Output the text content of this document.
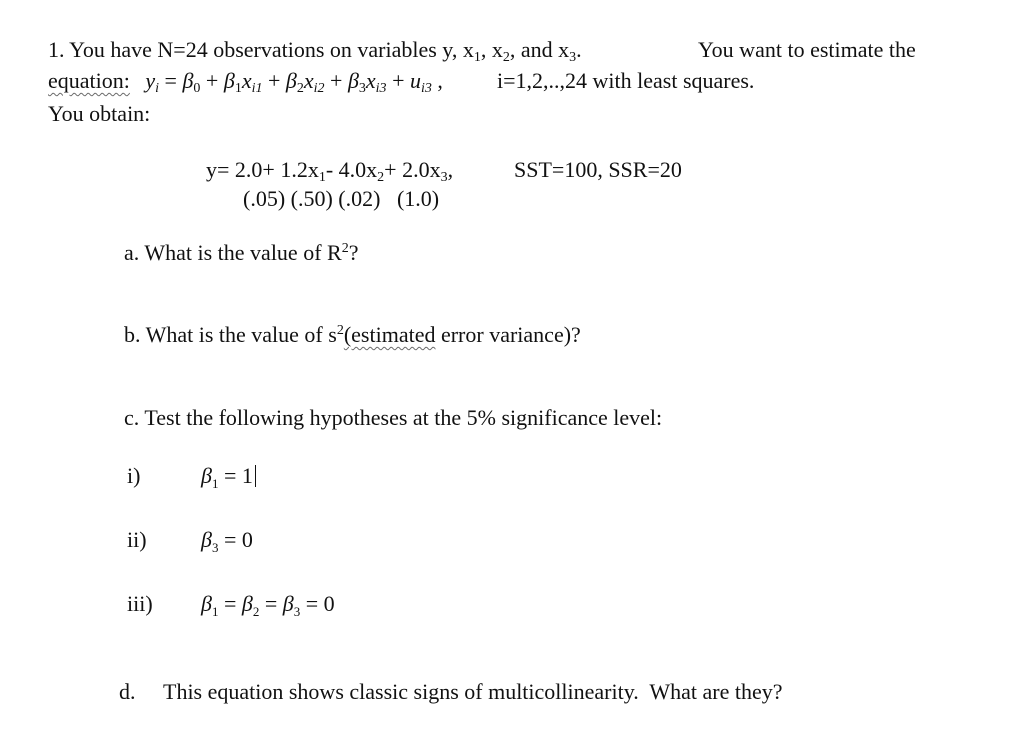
1. You have N=24 observations on variables y, $x_1$, $x_2$, and $x_3$.	You want to estimate the
equation: $y_i = \beta_0 + \beta_1x_{i1} + \beta_2x_{i2} + \beta_3x_{i3} + u_{i3}$ , i=1,2,..,24 with least squares.
You obtain:
$y= 2.0+ 1.2x_1-$ $4.0x_2+ 2.0x_3$,	SST=100, SSR=20
(.05) (.50) (.02)   (1.0)
a. What is the value of $R^2$?
b. What is the value of $s^2(estimated$ error variance)?
c. Test the following hypotheses at the 5% significance level:
i)	$\beta_1 = 1$
ii) $\beta_3 = 0$
iii) $\beta_1 = \beta_2 = \beta_3 = 0$
d. This equation shows classic signs of multicollinearity.  What are they?
